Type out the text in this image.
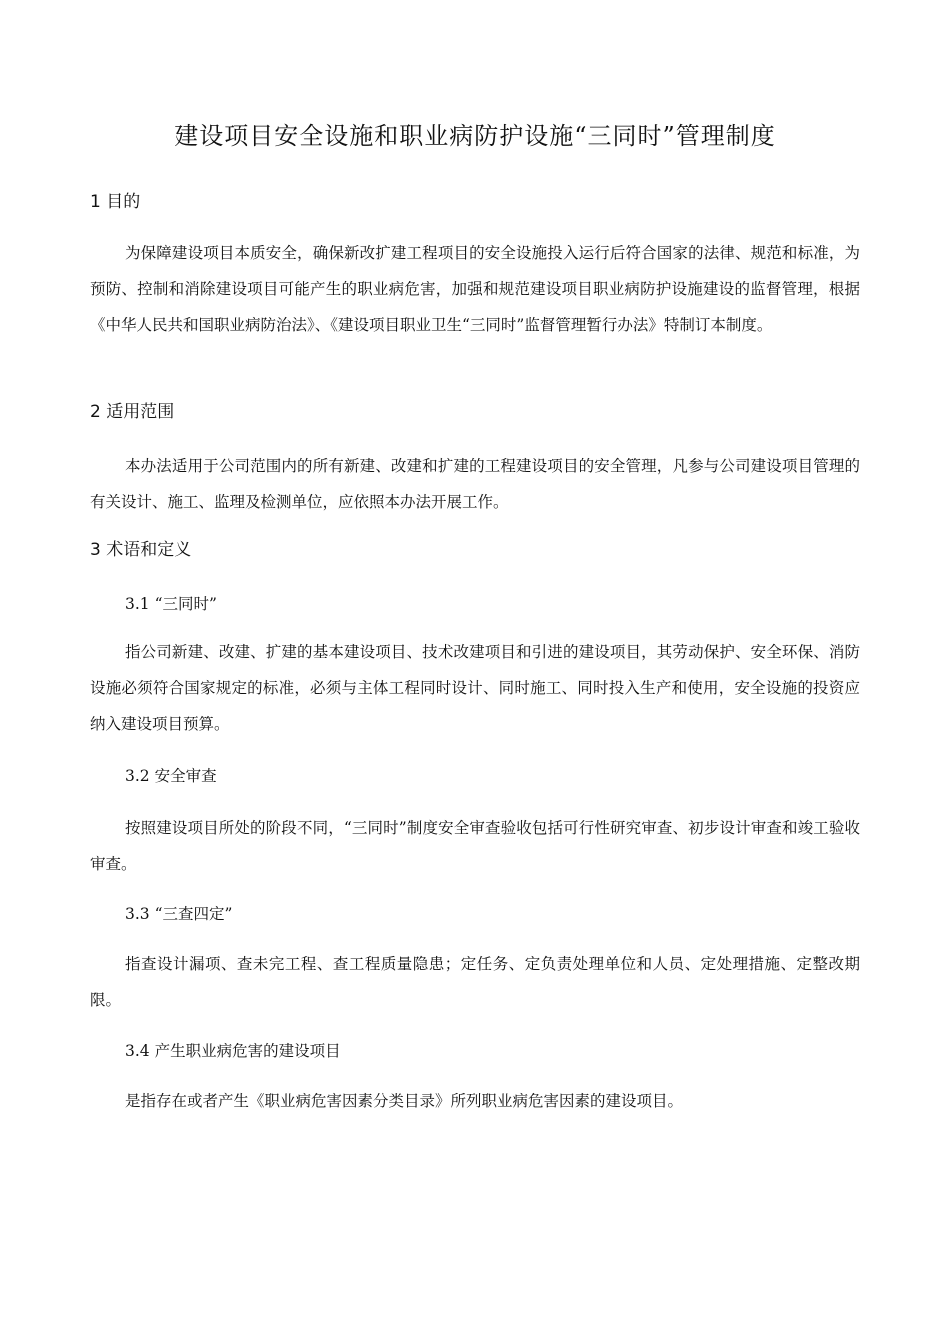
建设项目安全设施和职业病防护设施“三同时”管理制度
1 目的
为保障建设项目本质安全，确保新改扩建工程项目的安全设施投入运行后符合国家的法律、规范和标准，为预防、控制和消除建设项目可能产生的职业病危害，加强和规范建设项目职业病防护设施建设的监督管理，根据《中华人民共和国职业病防治法》、《建设项目职业卫生“三同时”监督管理暂行办法》特制订本制度。
2 适用范围
本办法适用于公司范围内的所有新建、改建和扩建的工程建设项目的安全管理，凡参与公司建设项目管理的有关设计、施工、监理及检测单位，应依照本办法开展工作。
3 术语和定义
3.1 “三同时”
指公司新建、改建、扩建的基本建设项目、技术改建项目和引进的建设项目，其劳动保护、安全环保、消防设施必须符合国家规定的标准，必须与主体工程同时设计、同时施工、同时投入生产和使用，安全设施的投资应纳入建设项目预算。
3.2 安全审查
按照建设项目所处的阶段不同，“三同时”制度安全审查验收包括可行性研究审查、初步设计审查和竣工验收审查。
3.3 “三查四定”
指查设计漏项、查未完工程、查工程质量隐患；定任务、定负责处理单位和人员、定处理措施、定整改期限。
3.4 产生职业病危害的建设项目
是指存在或者产生《职业病危害因素分类目录》所列职业病危害因素的建设项目。
